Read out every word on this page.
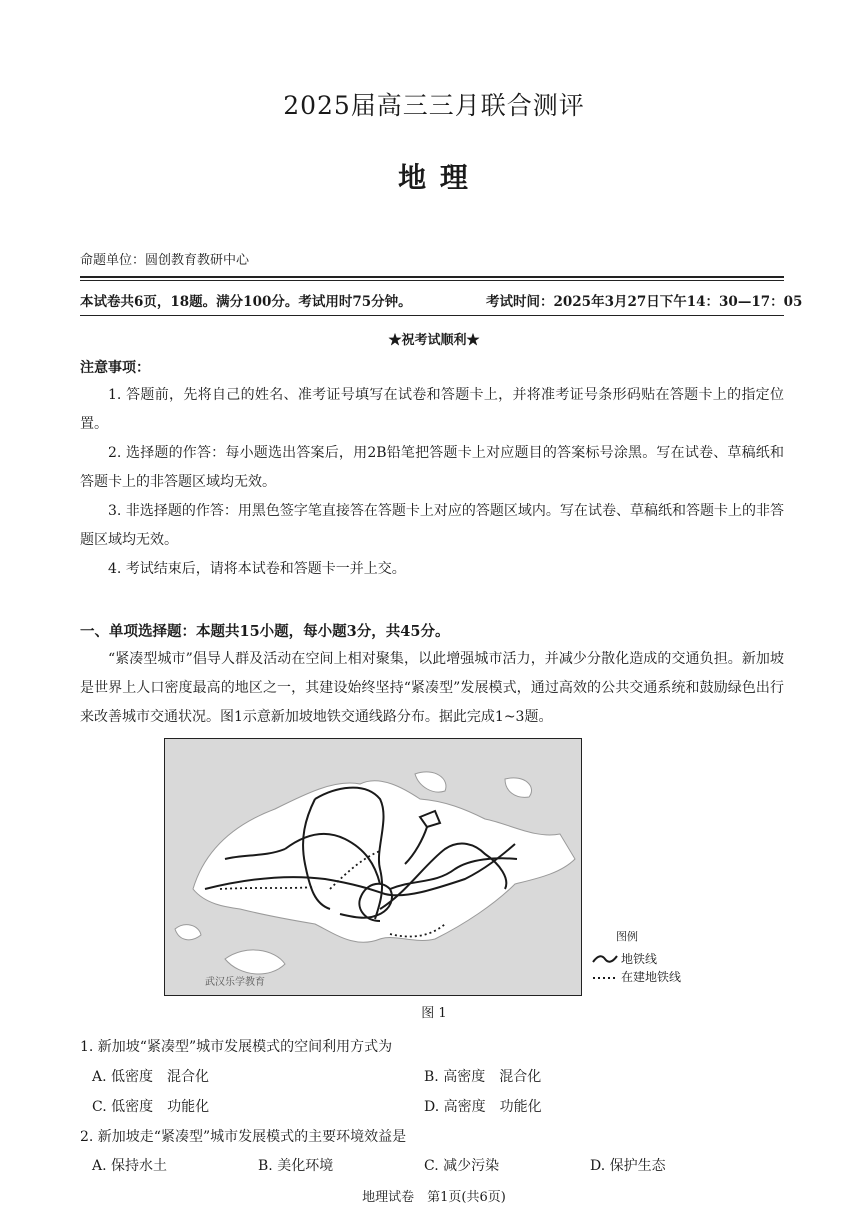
2025届高三三月联合测评
地 理
命题单位：圆创教育教研中心
本试卷共6页，18题。满分100分。考试用时75分钟。	考试时间：2025年3月27日下午14：30—17：05
★祝考试顺利★
注意事项：
1. 答题前，先将自己的姓名、准考证号填写在试卷和答题卡上，并将准考证号条形码贴在答题卡上的指定位置。
2. 选择题的作答：每小题选出答案后，用2B铅笔把答题卡上对应题目的答案标号涂黑。写在试卷、草稿纸和答题卡上的非答题区域均无效。
3. 非选择题的作答：用黑色签字笔直接答在答题卡上对应的答题区域内。写在试卷、草稿纸和答题卡上的非答题区域均无效。
4. 考试结束后，请将本试卷和答题卡一并上交。
一、单项选择题：本题共15小题，每小题3分，共45分。
“紧凑型城市”倡导人群及活动在空间上相对聚集，以此增强城市活力，并减少分散化造成的交通负担。新加坡是世界上人口密度最高的地区之一，其建设始终坚持“紧凑型”发展模式，通过高效的公共交通系统和鼓励绿色出行来改善城市交通状况。图1示意新加坡地铁交通线路分布。据此完成1~3题。
武汉乐学教育
图例
地铁线
在建地铁线
图 1
1. 新加坡“紧凑型”城市发展模式的空间利用方式为
A. 低密度　混合化	B. 高密度　混合化
C. 低密度　功能化	D. 高密度　功能化
2. 新加坡走“紧凑型”城市发展模式的主要环境效益是
A. 保持水土	B. 美化环境	C. 减少污染	D. 保护生态
地理试卷　第1页(共6页)
